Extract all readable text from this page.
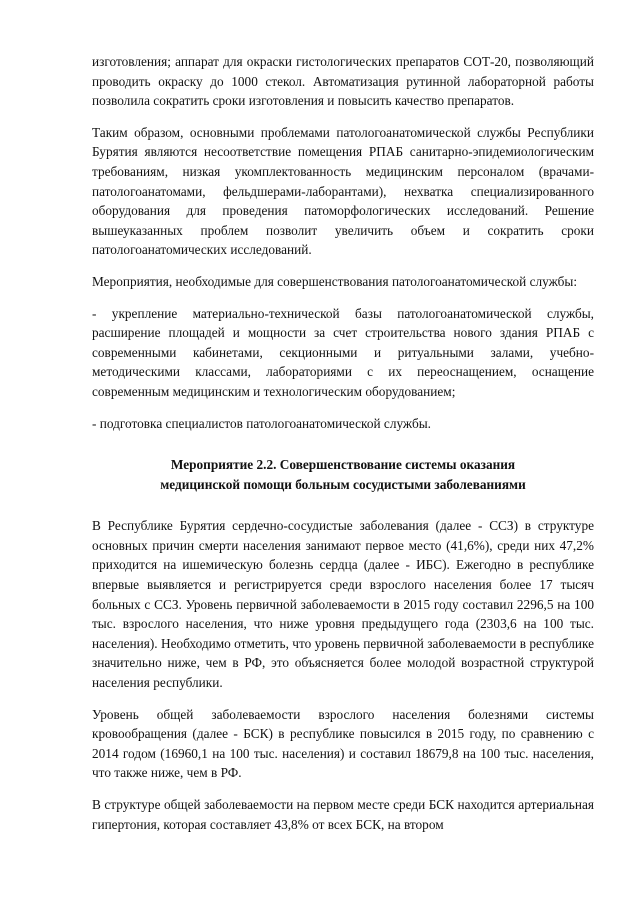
изготовления; аппарат для окраски гистологических препаратов СОТ-20, позволяющий проводить окраску до 1000 стекол. Автоматизация рутинной лабораторной работы позволила сократить сроки изготовления и повысить качество препаратов.

Таким образом, основными проблемами патологоанатомической службы Республики Бурятия являются несоответствие помещения РПАБ санитарно-эпидемиологическим требованиям, низкая укомплектованность медицинским персоналом (врачами-патологоанатомами, фельдшерами-лаборантами), нехватка специализированного оборудования для проведения патоморфологических исследований. Решение вышеуказанных проблем позволит увеличить объем и сократить сроки патологоанатомических исследований.

Мероприятия, необходимые для совершенствования патологоанатомической службы:

- укрепление материально-технической базы патологоанатомической службы, расширение площадей и мощности за счет строительства нового здания РПАБ с современными кабинетами, секционными и ритуальными залами, учебно-методическими классами, лабораториями с их переоснащением, оснащение современным медицинским и технологическим оборудованием;

- подготовка специалистов патологоанатомической службы.

Мероприятие 2.2. Совершенствование системы оказания

медицинской помощи больным сосудистыми заболеваниями

В Республике Бурятия сердечно-сосудистые заболевания (далее - ССЗ) в структуре основных причин смерти населения занимают первое место (41,6%), среди них 47,2% приходится на ишемическую болезнь сердца (далее - ИБС). Ежегодно в республике впервые выявляется и регистрируется среди взрослого населения более 17 тысяч больных с ССЗ. Уровень первичной заболеваемости в 2015 году составил 2296,5 на 100 тыс. взрослого населения, что ниже уровня предыдущего года (2303,6 на 100 тыс. населения). Необходимо отметить, что уровень первичной заболеваемости в республике значительно ниже, чем в РФ, это объясняется более молодой возрастной структурой населения республики.

Уровень общей заболеваемости взрослого населения болезнями системы кровообращения (далее - БСК) в республике повысился в 2015 году, по сравнению с 2014 годом (16960,1 на 100 тыс. населения) и составил 18679,8 на 100 тыс. населения, что также ниже, чем в РФ.

В структуре общей заболеваемости на первом месте среди БСК находится артериальная гипертония, которая составляет 43,8% от всех БСК, на втором
